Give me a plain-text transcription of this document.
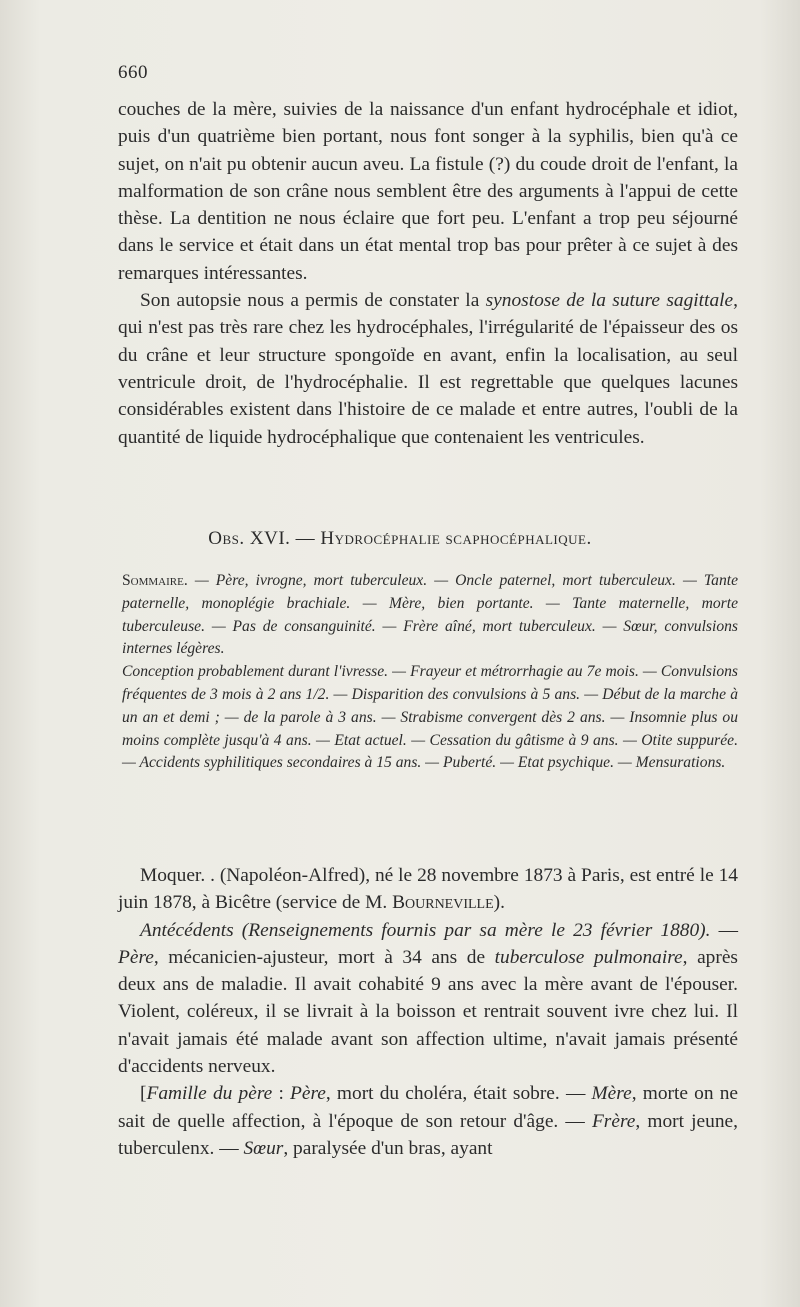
660

couches de la mère, suivies de la naissance d'un enfant hydrocéphale et idiot, puis d'un quatrième bien portant, nous font songer à la syphilis, bien qu'à ce sujet, on n'ait pu obtenir aucun aveu. La fistule (?) du coude droit de l'enfant, la malformation de son crâne nous semblent être des arguments à l'appui de cette thèse. La dentition ne nous éclaire que fort peu. L'enfant a trop peu séjourné dans le service et était dans un état mental trop bas pour prêter à ce sujet à des remarques intéressantes.

Son autopsie nous a permis de constater la synostose de la suture sagittale, qui n'est pas très rare chez les hydrocéphales, l'irrégularité de l'épaisseur des os du crâne et leur structure spongoïde en avant, enfin la localisation, au seul ventricule droit, de l'hydrocéphalie. Il est regrettable que quelques lacunes considérables existent dans l'histoire de ce malade et entre autres, l'oubli de la quantité de liquide hydrocéphalique que contenaient les ventricules.

Obs. XVI. — Hydrocéphalie scaphocéphalique.

Sommaire. — Père, ivrogne, mort tuberculeux. — Oncle paternel, mort tuberculeux. — Tante paternelle, monoplégie brachiale. — Mère, bien portante. — Tante maternelle, morte tuberculeuse. — Pas de consanguinité. — Frère aîné, mort tuberculeux. — Sœur, convulsions internes légères.

Conception probablement durant l'ivresse. — Frayeur et métrorrhagie au 7e mois. — Convulsions fréquentes de 3 mois à 2 ans 1/2. — Disparition des convulsions à 5 ans. — Début de la marche à un an et demi ; — de la parole à 3 ans. — Strabisme convergent dès 2 ans. — Insomnie plus ou moins complète jusqu'à 4 ans. — Etat actuel. — Cessation du gâtisme à 9 ans. — Otite suppurée. — Accidents syphilitiques secondaires à 15 ans. — Puberté. — Etat psychique. — Mensurations.

Moquer. . (Napoléon-Alfred), né le 28 novembre 1873 à Paris, est entré le 14 juin 1878, à Bicêtre (service de M. Bourneville).

Antécédents (Renseignements fournis par sa mère le 23 février 1880). — Père, mécanicien-ajusteur, mort à 34 ans de tuberculose pulmonaire, après deux ans de maladie. Il avait cohabité 9 ans avec la mère avant de l'épouser. Violent, coléreux, il se livrait à la boisson et rentrait souvent ivre chez lui. Il n'avait jamais été malade avant son affection ultime, n'avait jamais présenté d'accidents nerveux.

[Famille du père : Père, mort du choléra, était sobre. — Mère, morte on ne sait de quelle affection, à l'époque de son retour d'âge. — Frère, mort jeune, tuberculenx. — Sœur, paralysée d'un bras, ayant
